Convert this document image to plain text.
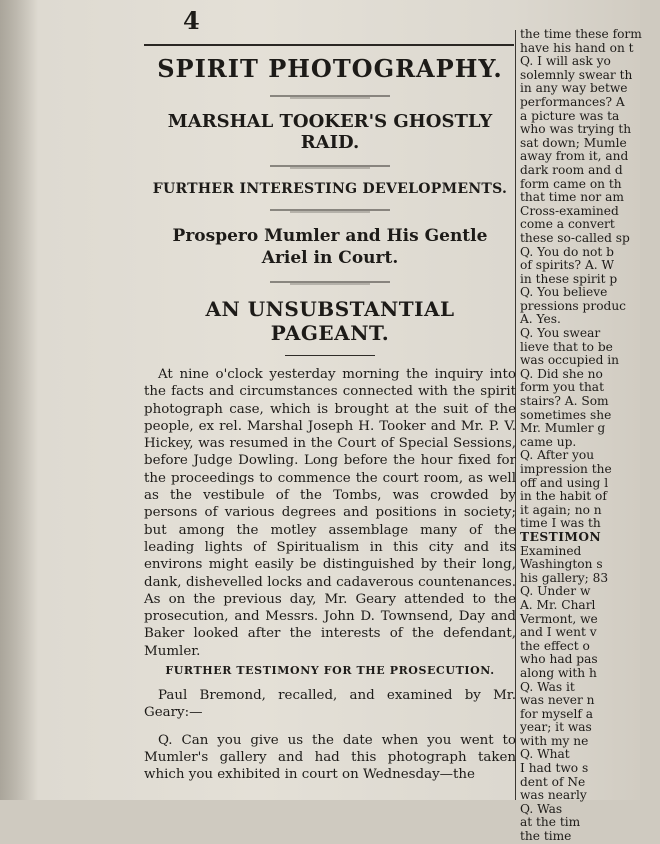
4
SPIRIT PHOTOGRAPHY.
MARSHAL TOOKER'S GHOSTLY RAID.
FURTHER INTERESTING DEVELOPMENTS.
Prospero Mumler and His Gentle
Ariel in Court.
AN UNSUBSTANTIAL PAGEANT.

At nine o'clock yesterday morning the inquiry into the facts and circumstances connected with the spirit photograph case, which is brought at the suit of the people, ex rel. Marshal Joseph H. Tooker and Mr. P. V. Hickey, was resumed in the Court of Special Sessions, before Judge Dowling. Long before the hour fixed for the proceedings to commence the court room, as well as the vestibule of the Tombs, was crowded by persons of various degrees and positions in society; but among the motley assemblage many of the leading lights of Spiritualism in this city and its environs might easily be distinguished by their long, dank, dishevelled locks and cadaverous countenances. As on the previous day, Mr. Geary attended to the prosecution, and Messrs. John D. Townsend, Day and Baker looked after the interests of the defendant, Mumler.

FURTHER TESTIMONY FOR THE PROSECUTION.

Paul Bremond, recalled, and examined by Mr. Geary:—

Q. Can you give us the date when you went to Mumler's gallery and had this photograph taken which you exhibited in court on Wednesday—the

the time these form
have his hand on t
Q. I will ask yo
solemnly swear th
in any way betwe
performances? A
a picture was ta
who was trying th
sat down; Mumle
away from it, and
dark room and d
form came on th
that time nor am
Cross-examined
come a convert
these so-called sp
Q. You do not b
of spirits? A. W
in these spirit p
Q. You believe
pressions produc
A. Yes.
Q. You swear
lieve that to be
was occupied in
Q. Did she no
form you that
stairs? A. Som
sometimes she
Mr. Mumler g
came up.
Q. After you
impression the
off and using l
in the habit of
it again; no n
time I was th
TESTIMON
Examined
Washington s
his gallery; 83
Q. Under w
A. Mr. Charl
Vermont, we
and I went v
the effect o
who had pas
along with h
Q. Was it
was never n
for myself a
year; it was
with my ne
Q. What
I had two s
dent of Ne
was nearly
Q. Was
at the tim
the time
